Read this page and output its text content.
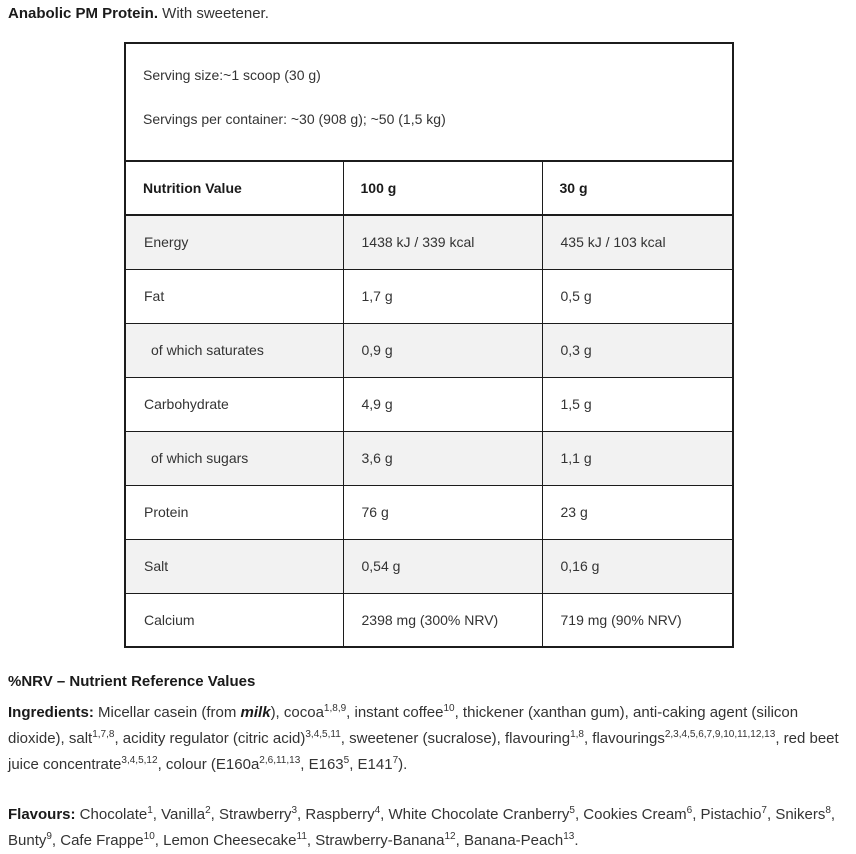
Anabolic PM Protein. With sweetener.

Serving size:~1 scoop (30 g)

Servings per container: ~30 (908 g); ~50 (1,5 kg)		

Nutrition Value	100 g	30 g
Energy	1438 kJ / 339 kcal	435 kJ / 103 kcal
Fat	1,7 g	0,5 g
of which saturates	0,9 g	0,3 g
Carbohydrate	4,9 g	1,5 g
of which sugars	3,6 g	1,1 g
Protein	76 g	23 g
Salt	0,54 g	0,16 g
Calcium	2398 mg (300% NRV)	719 mg (90% NRV)

%NRV – Nutrient Reference Values

Ingredients: Micellar casein (from milk), cocoa$^{1,8,9}$, instant coffee$^{10}$, thickener (xanthan gum), anti-caking agent (silicon dioxide), salt$^{1,7,8}$, acidity regulator (citric acid)$^{3,4,5,11}$, sweetener (sucralose), flavouring$^{1,8}$, flavourings$^{2,3,4,5,6,7,9,10,11,12,13}$, red beet juice concentrate$^{3,4,5,12}$, colour ($E160a^{2,6,11,13}$, $E163^5$, $E141^7$).

Flavours: Chocolate$^1$, Vanilla$^2$, Strawberry$^3$, Raspberry$^4$, White Chocolate Cranberry$^5$, Cookies Cream$^6$, Pistachio$^7$, Snikers$^8$, Bunty$^9$, Cafe Frappe$^{10}$, Lemon Cheesecake$^{11}$, Strawberry-Banana$^{12}$, Banana-Peach$^{13}$.
